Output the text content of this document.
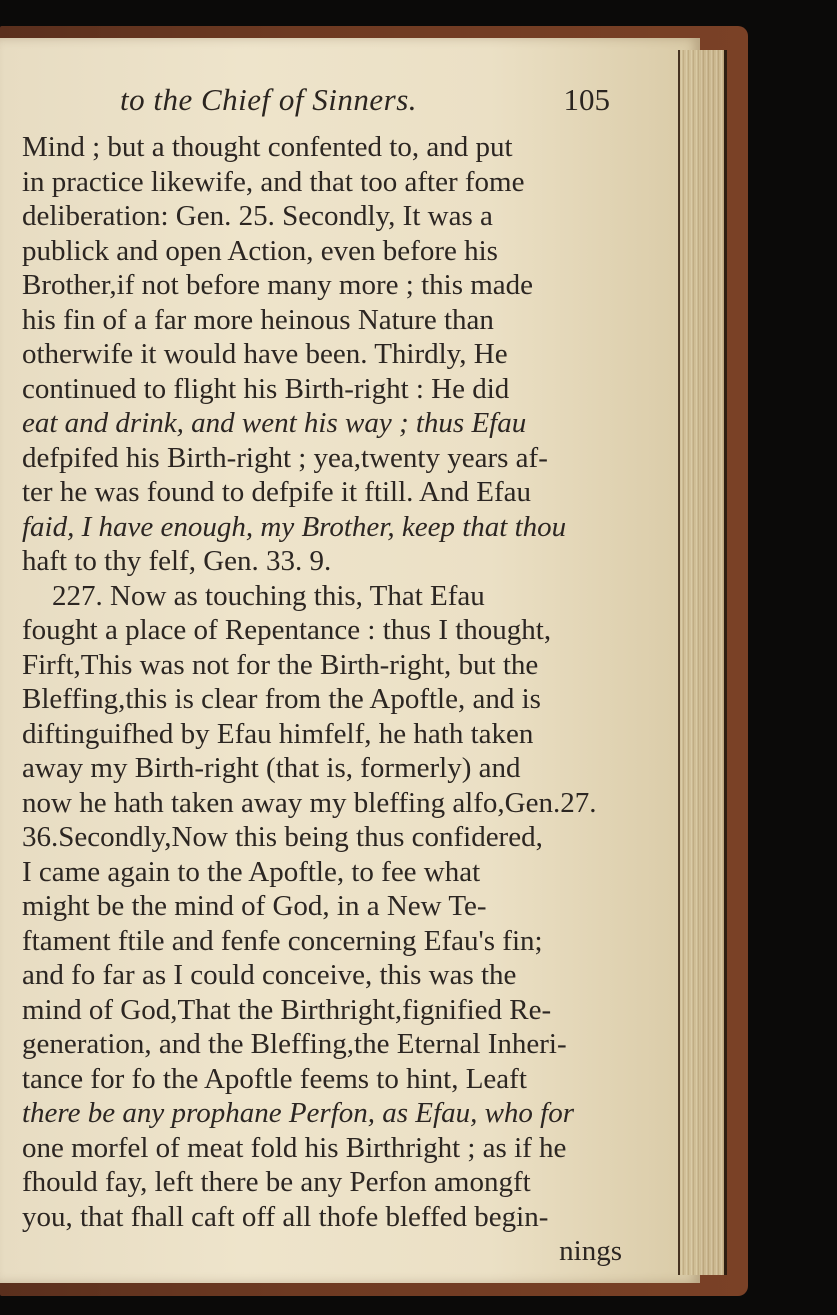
to the Chief of Sinners.	105
Mind ; but a thought confented to, and put
in practice likewife, and that too after fome
deliberation: Gen. 25. Secondly, It was a
publick and open Action, even before his
Brother,if not before many more ; this made
his fin of a far more heinous Nature than
otherwife it would have been. Thirdly, He
continued to flight his Birth-right : He did
eat and drink, and went his way ; thus Efau
defpifed his Birth-right ; yea,twenty years af-
ter he was found to defpife it ftill. And Efau
faid, I have enough, my Brother, keep that thou
haft to thy felf, Gen. 33. 9.
227. Now as touching this, That Efau
fought a place of Repentance : thus I thought,
Firft,This was not for the Birth-right, but the
Bleffing,this is clear from the Apoftle, and is
diftinguifhed by Efau himfelf, he hath taken
away my Birth-right (that is, formerly) and
now he hath taken away my bleffing alfo,Gen.27.
36.Secondly,Now this being thus confidered,
I came again to the Apoftle, to fee what
might be the mind of God, in a New Te-
ftament ftile and fenfe concerning Efau's fin;
and fo far as I could conceive, this was the
mind of God,That the Birthright,fignified Re-
generation, and the Bleffing,the Eternal Inheri-
tance for fo the Apoftle feems to hint, Leaft
there be any prophane Perfon, as Efau, who for
one morfel of meat fold his Birthright ; as if he
fhould fay, left there be any Perfon amongft
you, that fhall caft off all thofe bleffed begin-
nings
